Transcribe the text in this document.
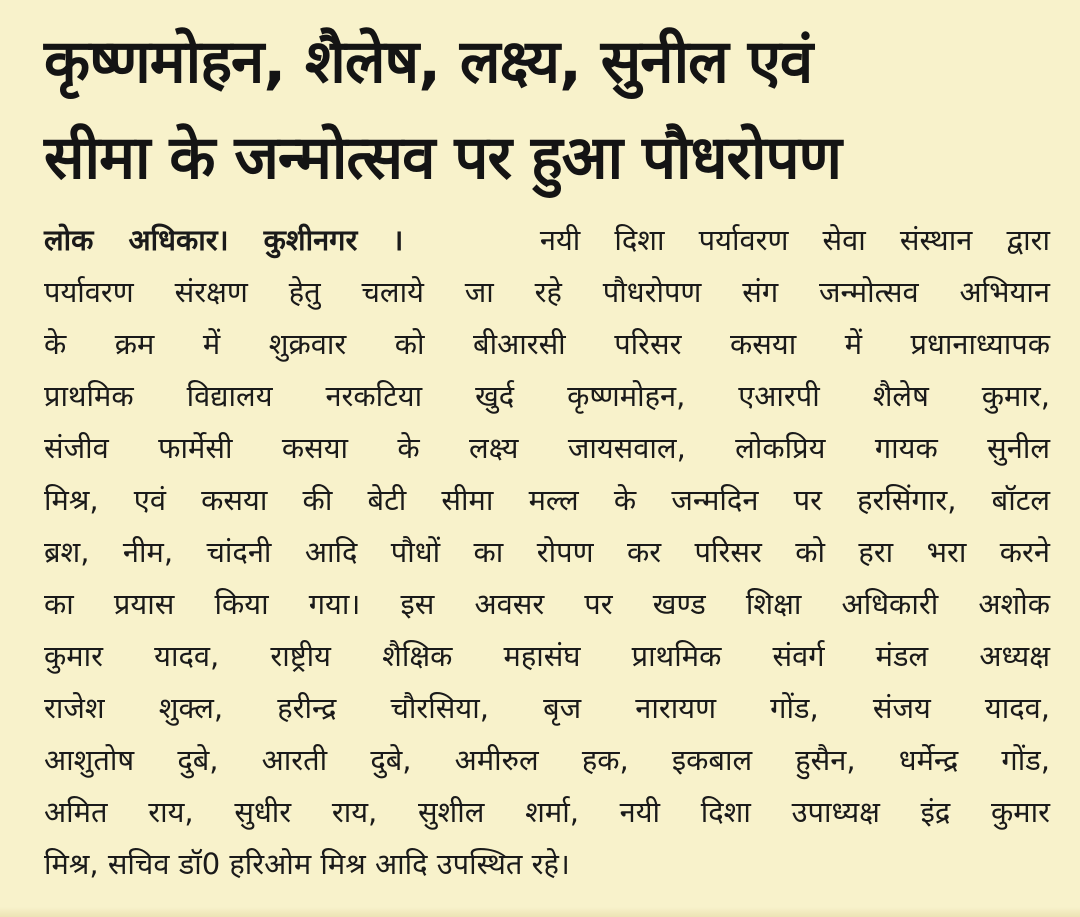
कृष्णमोहन, शैलेष, लक्ष्य, सुनील एवं
सीमा के जन्मोत्सव पर हुआ पौधरोपण
लोक अधिकार। कुशीनगर ।	नयी दिशा पर्यावरण सेवा संस्थान द्वारा
पर्यावरण संरक्षण हेतु चलाये जा रहे पौधरोपण संग जन्मोत्सव अभियान
के क्रम में शुक्रवार को बीआरसी परिसर कसया में प्रधानाध्यापक
प्राथमिक विद्यालय नरकटिया खुर्द कृष्णमोहन, एआरपी शैलेष कुमार,
संजीव फार्मेसी कसया के लक्ष्य जायसवाल, लोकप्रिय गायक सुनील
मिश्र, एवं कसया की बेटी सीमा मल्ल के जन्मदिन पर हरसिंगार, बॉटल
ब्रश, नीम, चांदनी आदि पौधों का रोपण कर परिसर को हरा भरा करने
का प्रयास किया गया। इस अवसर पर खण्ड शिक्षा अधिकारी अशोक
कुमार यादव, राष्ट्रीय शैक्षिक महासंघ प्राथमिक संवर्ग मंडल अध्यक्ष
राजेश शुक्ल, हरीन्द्र चौरसिया, बृज नारायण गोंड, संजय यादव,
आशुतोष दुबे, आरती दुबे, अमीरुल हक, इकबाल हुसैन, धर्मेन्द्र गोंड,
अमित राय, सुधीर राय, सुशील शर्मा, नयी दिशा उपाध्यक्ष इंद्र कुमार
मिश्र, सचिव डॉ0 हरिओम मिश्र आदि उपस्थित रहे।
